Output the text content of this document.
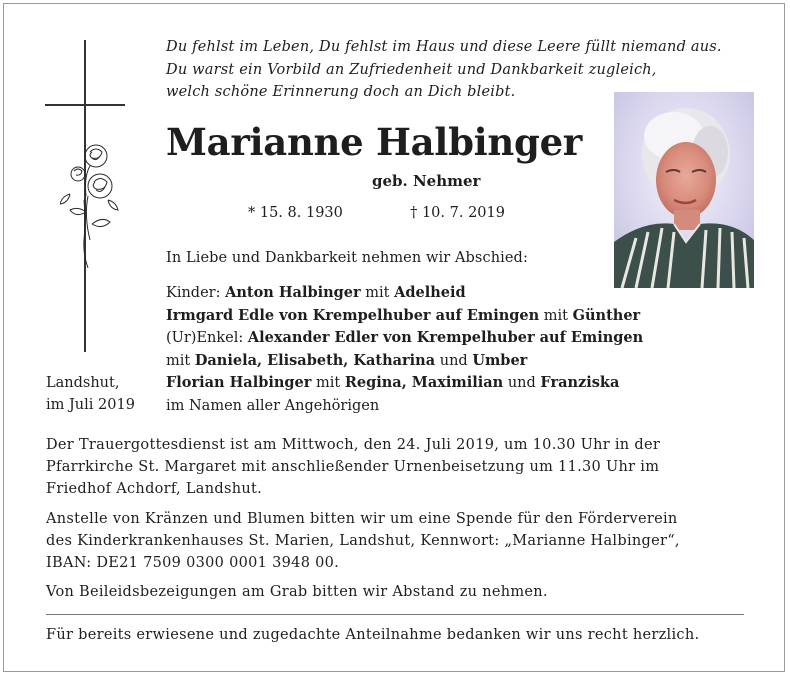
Du fehlst im Leben, Du fehlst im Haus und diese Leere füllt niemand aus.
Du warst ein Vorbild an Zufriedenheit und Dankbarkeit zugleich,
welch schöne Erinnerung doch an Dich bleibt.
Marianne Halbinger
geb. Nehmer
* 15. 8. 1930	† 10. 7. 2019
In Liebe und Dankbarkeit nehmen wir Abschied:
Kinder: Anton Halbinger mit Adelheid
Irmgard Edle von Krempelhuber auf Emingen mit Günther
(Ur)Enkel: Alexander Edler von Krempelhuber auf Emingen
mit Daniela, Elisabeth, Katharina und Umber
Florian Halbinger mit Regina, Maximilian und Franziska
im Namen aller Angehörigen
Landshut,
im Juli 2019
Der Trauergottesdienst ist am Mittwoch, den 24. Juli 2019, um 10.30 Uhr in der
Pfarrkirche St. Margaret mit anschließender Urnenbeisetzung um 11.30 Uhr im
Friedhof Achdorf, Landshut.
Anstelle von Kränzen und Blumen bitten wir um eine Spende für den Förderverein
des Kinderkrankenhauses St. Marien, Landshut, Kennwort: „Marianne Halbinger“,
IBAN: DE21 7509 0300 0001 3948 00.
Von Beileidsbezeigungen am Grab bitten wir Abstand zu nehmen.
Für bereits erwiesene und zugedachte Anteilnahme bedanken wir uns recht herzlich.
